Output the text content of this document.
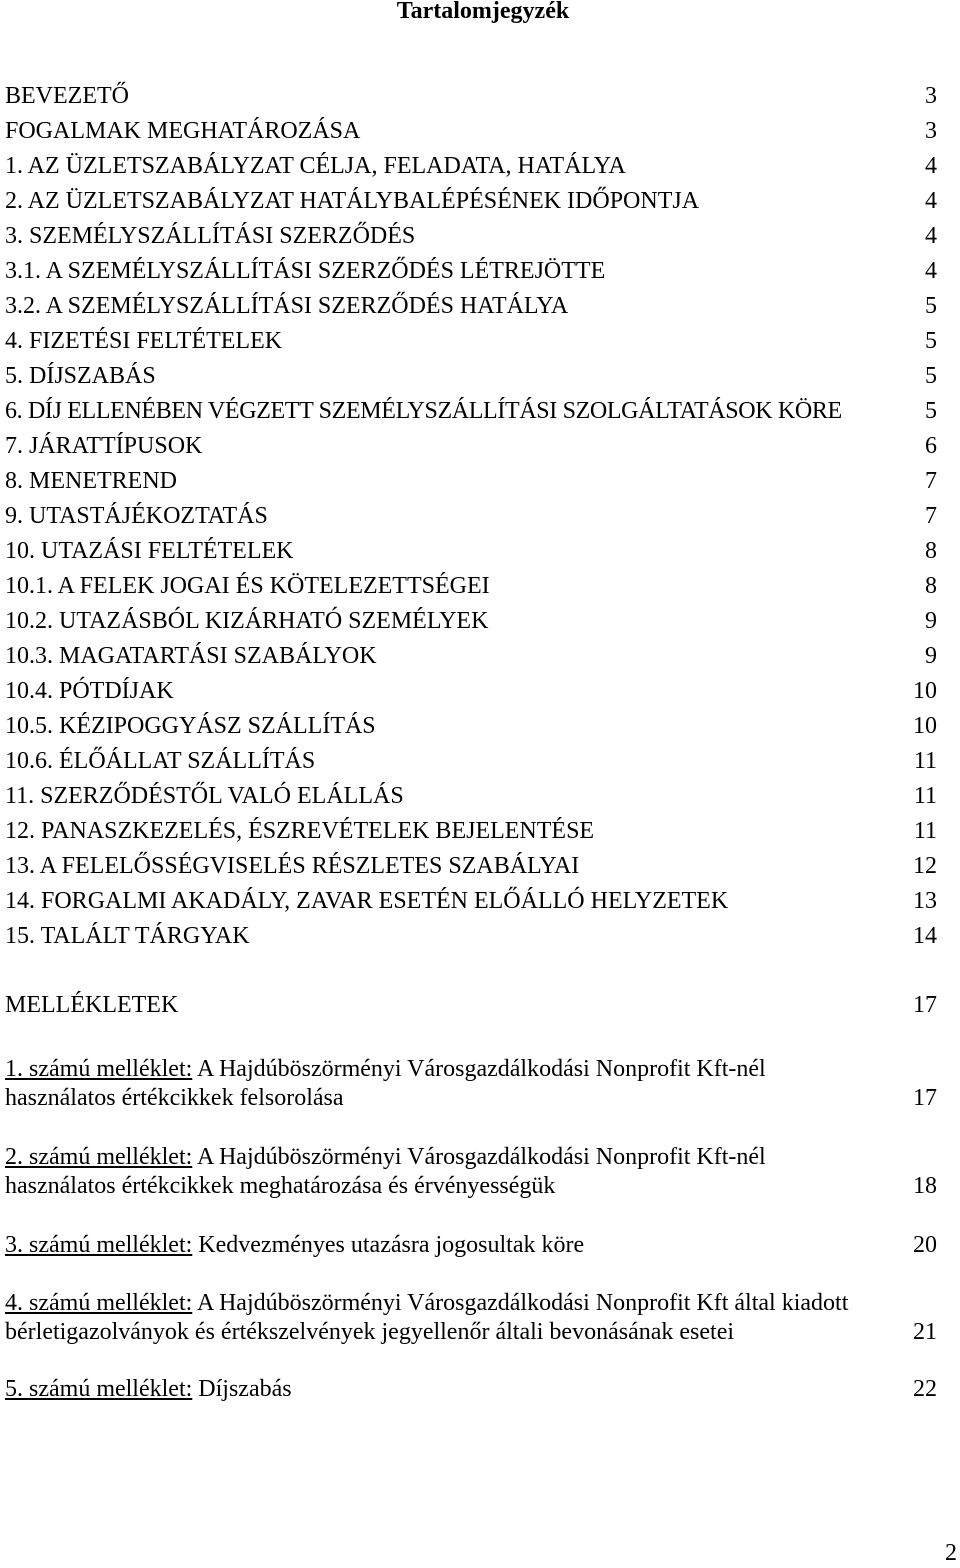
Tartalomjegyzék
BEVEZETŐ	3
FOGALMAK MEGHATÁROZÁSA	3
1. AZ ÜZLETSZABÁLYZAT CÉLJA, FELADATA, HATÁLYA	4
2. AZ ÜZLETSZABÁLYZAT HATÁLYBALÉPÉSÉNEK IDŐPONTJA	4
3. SZEMÉLYSZÁLLÍTÁSI SZERZŐDÉS	4
3.1. A SZEMÉLYSZÁLLÍTÁSI SZERZŐDÉS LÉTREJÖTTE	4
3.2. A SZEMÉLYSZÁLLÍTÁSI SZERZŐDÉS HATÁLYA	5
4. FIZETÉSI FELTÉTELEK	5
5. DÍJSZABÁS	5
6. DÍJ ELLENÉBEN VÉGZETT SZEMÉLYSZÁLLÍTÁSI SZOLGÁLTATÁSOK KÖRE	5
7. JÁRATTÍPUSOK	6
8. MENETREND	7
9. UTASTÁJÉKOZTATÁS	7
10. UTAZÁSI FELTÉTELEK	8
10.1. A FELEK JOGAI ÉS KÖTELEZETTSÉGEI	8
10.2. UTAZÁSBÓL KIZÁRHATÓ SZEMÉLYEK	9
10.3. MAGATARTÁSI SZABÁLYOK	9
10.4. PÓTDÍJAK	10
10.5. KÉZIPOGGYÁSZ SZÁLLÍTÁS	10
10.6. ÉLŐÁLLAT SZÁLLÍTÁS	11
11. SZERZŐDÉSTŐL VALÓ ELÁLLÁS	11
12. PANASZKEZELÉS, ÉSZREVÉTELEK BEJELENTÉSE	11
13. A FELELŐSSÉGVISELÉS RÉSZLETES SZABÁLYAI	12
14. FORGALMI AKADÁLY, ZAVAR ESETÉN ELŐÁLLÓ HELYZETEK	13
15. TALÁLT TÁRGYAK	14
MELLÉKLETEK	17
1. számú melléklet: A Hajdúböszörményi Városgazdálkodási Nonprofit Kft-nél
használatos értékcikkek felsorolása	17
2. számú melléklet: A Hajdúböszörményi Városgazdálkodási Nonprofit Kft-nél
használatos értékcikkek meghatározása és érvényességük	18
3. számú melléklet: Kedvezményes utazásra jogosultak köre	20
4. számú melléklet: A Hajdúböszörményi Városgazdálkodási Nonprofit Kft által kiadott
bérletigazolványok és értékszelvények jegyellenőr általi bevonásának esetei	21
5. számú melléklet: Díjszabás	22
2
